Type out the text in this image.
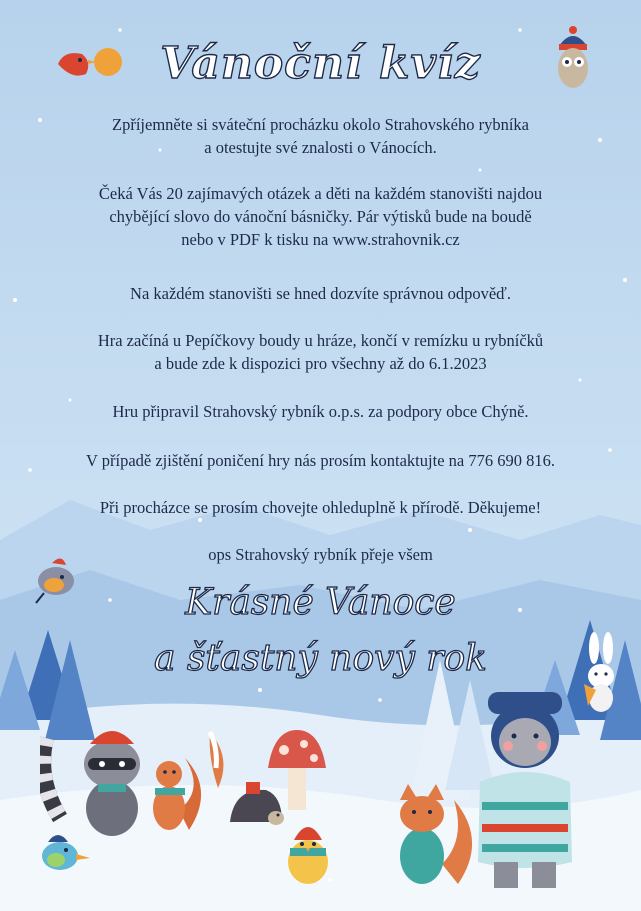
Vánoční kvíz

Zpříjemněte si sváteční procházku okolo Strahovského rybníka
a otestujte své znalosti o Vánocích.

Čeká Vás 20 zajímavých otázek a děti na každém stanovišti najdou
chybějící slovo do vánoční básničky. Pár výtisků bude na boudě
nebo v PDF k tisku na www.strahovnik.cz

Na každém stanovišti se hned dozvíte správnou odpověď.

Hra začíná u Pepíčkovy boudy u hráze, končí v remízku u rybníčků
a bude zde k dispozici pro všechny až do 6.1.2023

Hru připravil Strahovský rybník o.p.s. za podpory obce Chýně.

V případě zjištění poničení hry nás prosím kontaktujte na 776 690 816.

Při procházce se prosím chovejte ohleduplně k přírodě. Děkujeme!

ops Strahovský rybník přeje všem

Krásné Vánoce

a šťastný nový rok
